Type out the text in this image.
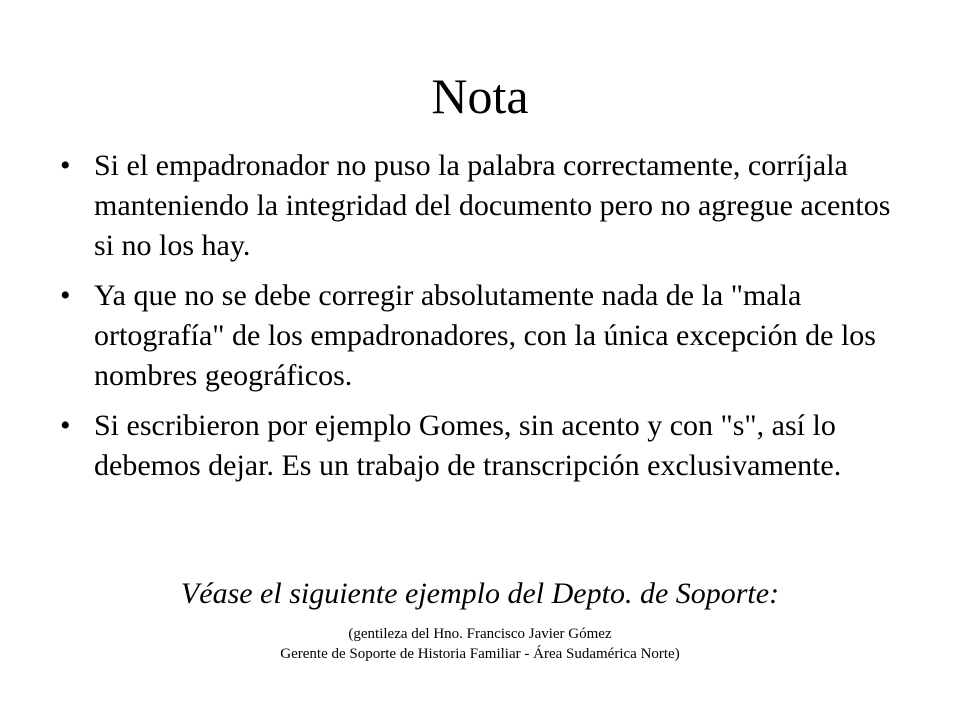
Nota
• Si el empadronador no puso la palabra correctamente, corríjala manteniendo la integridad del documento pero no agregue acentos si no los hay.
• Ya que no se debe corregir absolutamente nada de la "mala ortografía" de los empadronadores, con la única excepción de los nombres geográficos.
• Si escribieron por ejemplo Gomes, sin acento y con "s", así lo debemos dejar. Es un trabajo de transcripción exclusivamente.
Véase el siguiente ejemplo del Depto. de Soporte:
(gentileza del Hno. Francisco Javier Gómez
Gerente de Soporte de Historia Familiar - Área Sudamérica Norte)
